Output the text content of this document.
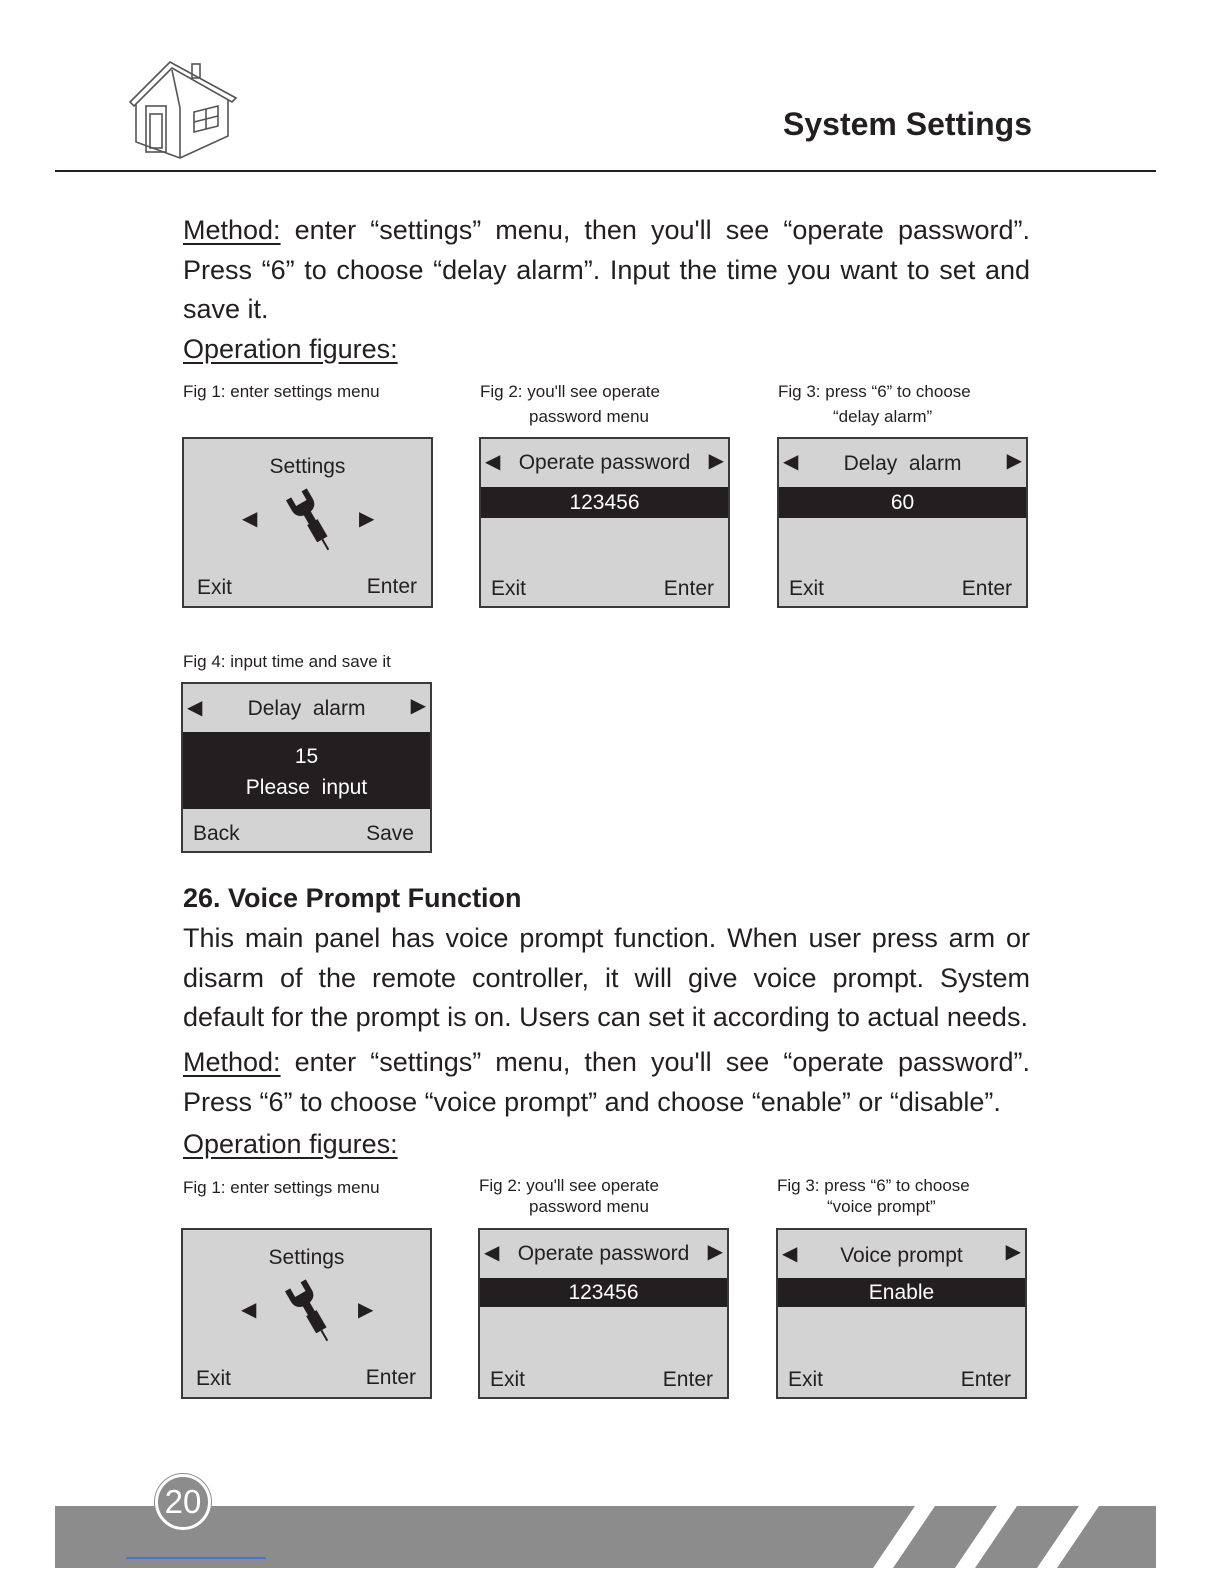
System Settings
Method: enter “settings” menu, then you'll see “operate password”. Press “6” to choose “delay alarm”. Input the time you want to set and save it.
Operation figures:
Fig 1: enter settings menu	Fig 2: you'll see operate
password menu
Fig 3: press “6” to choose
“delay alarm”
Settings
◀	▶
Exit	Enter
◀ Operate password ▶
123456
Exit	Enter
◀	Delay  alarm	▶
60
Exit	Enter
Fig 4: input time and save it
◀	Delay  alarm	▶
15
Please  input
Back	Save
26. Voice Prompt Function
This main panel has voice prompt function. When user press arm or disarm of the remote controller, it will give voice prompt. System default for the prompt is on. Users can set it according to actual needs.
Method: enter “settings” menu, then you'll see “operate password”. Press “6” to choose “voice prompt” and choose “enable” or “disable”.
Operation figures:
Fig 1: enter settings menu	Fig 2: you'll see operate
password menu
Fig 3: press “6” to choose
“voice prompt”
Settings
◀	▶
Exit	Enter
◀ Operate password ▶
123456
Exit	Enter
◀	Voice prompt	▶
Enable
Exit	Enter
20
